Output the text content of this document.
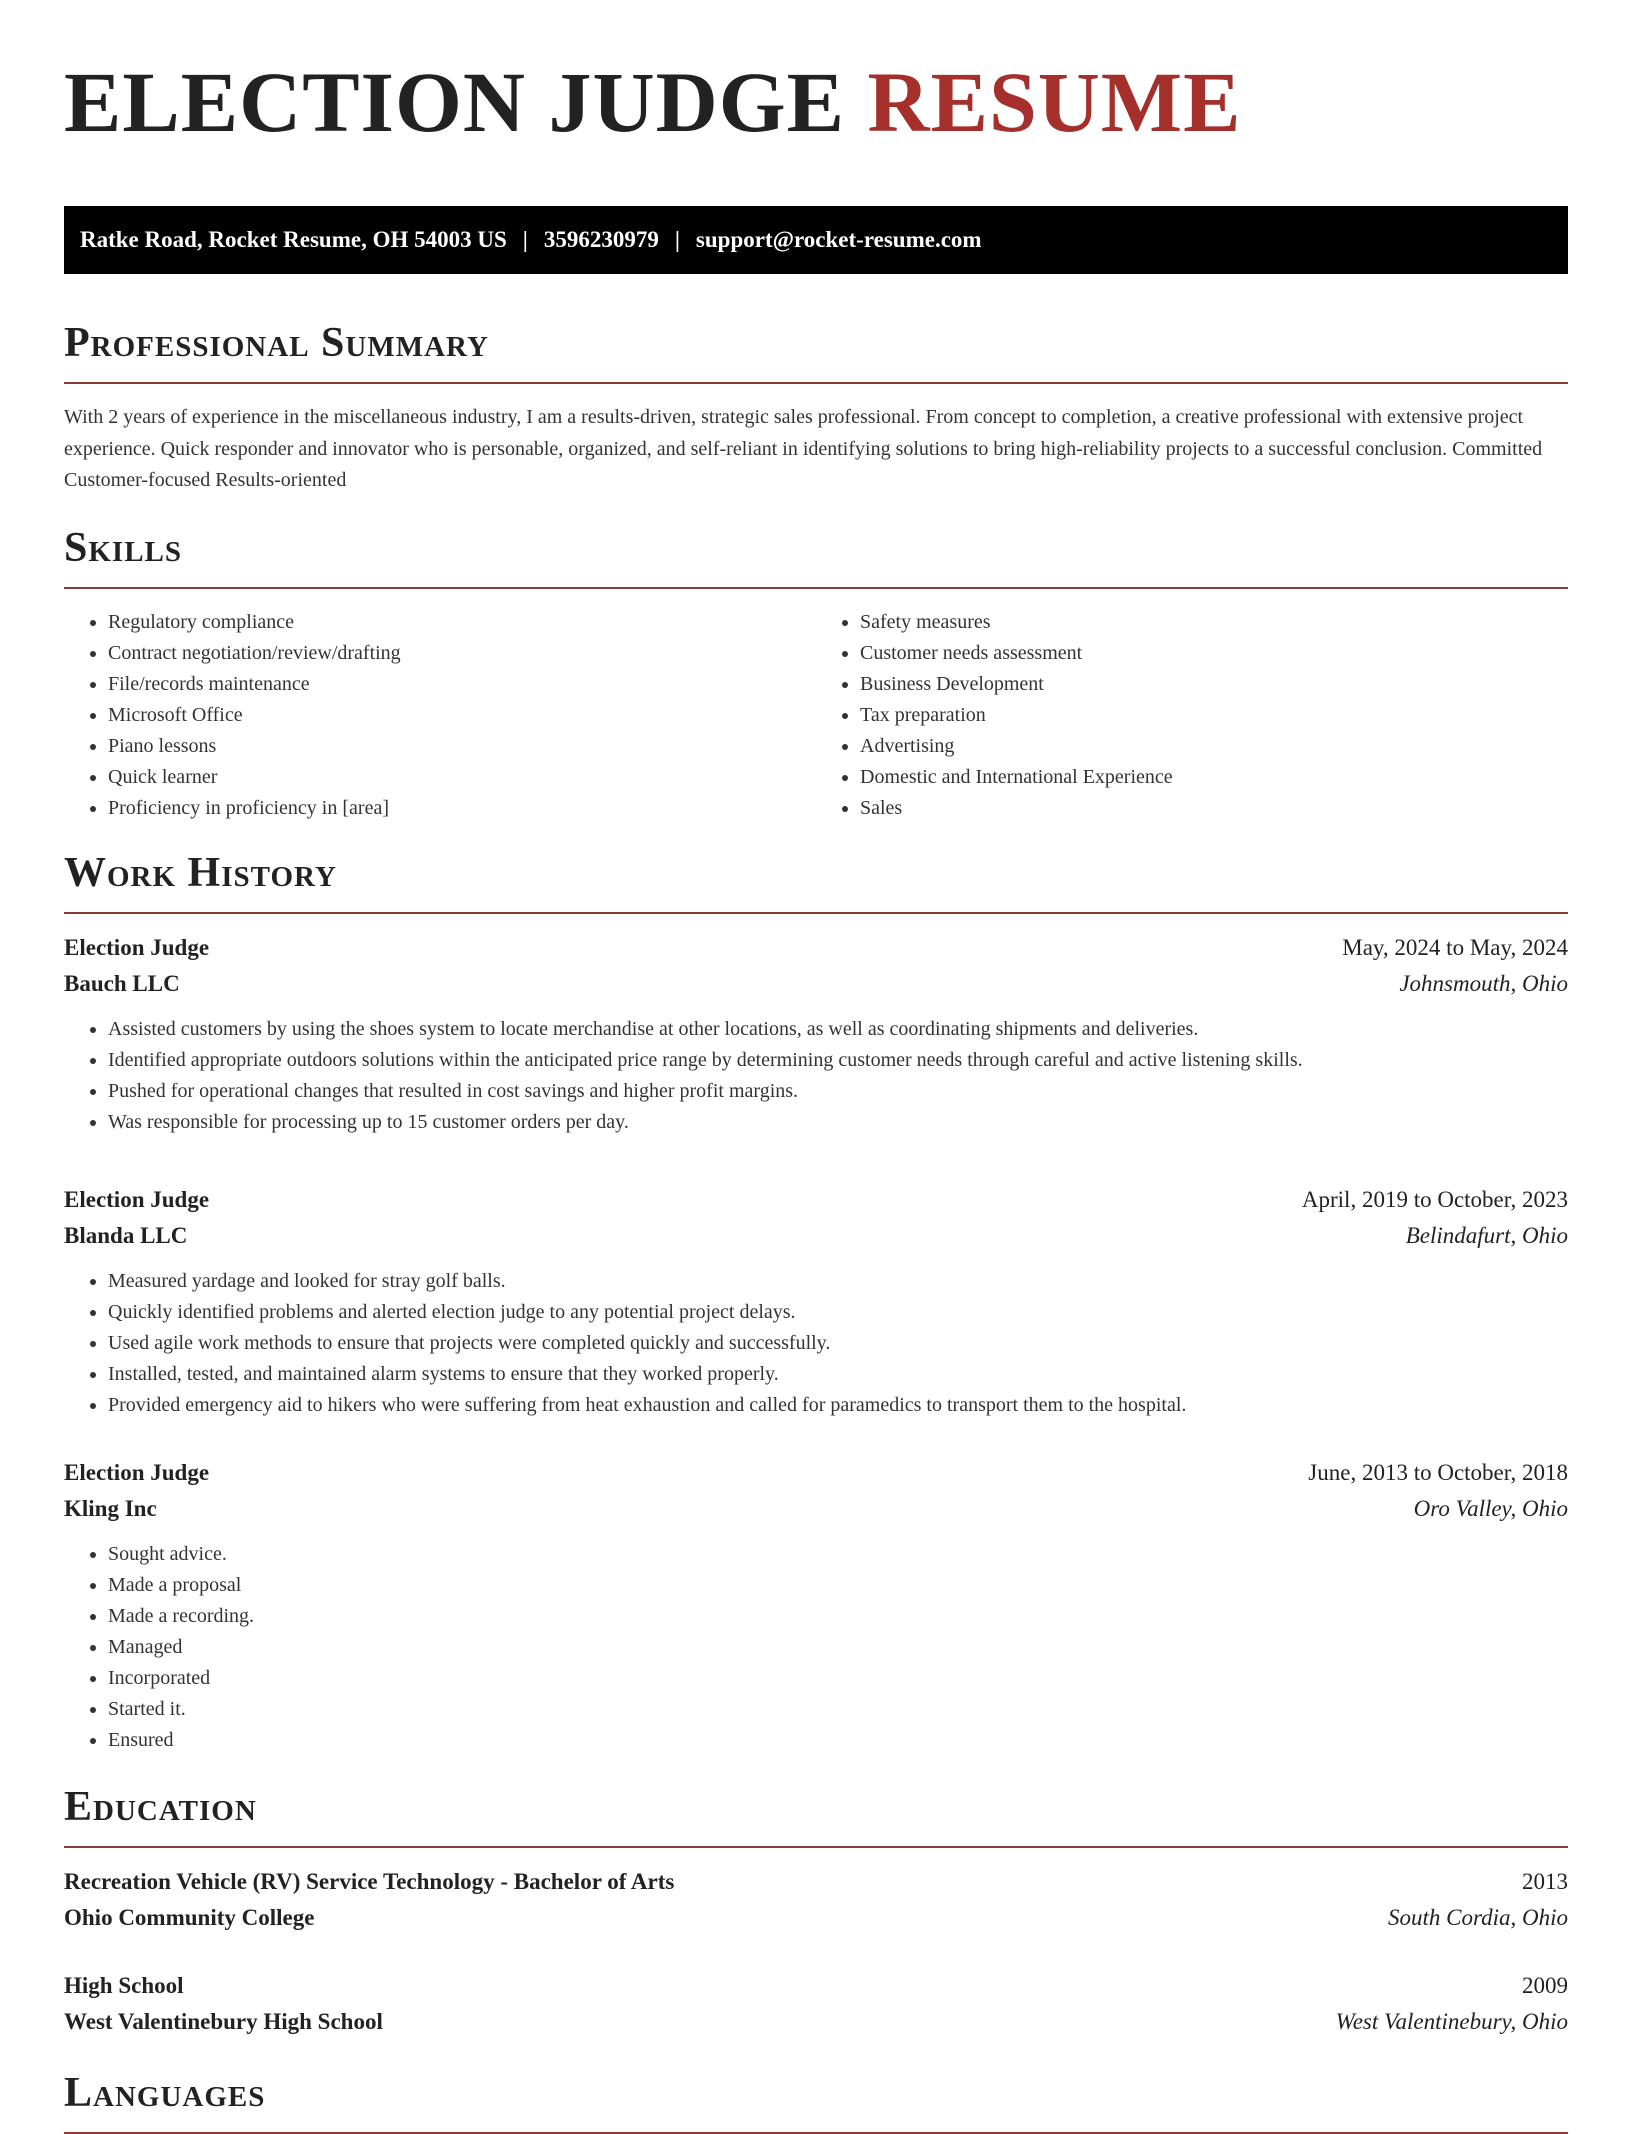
ELECTION JUDGE RESUME
Ratke Road, Rocket Resume, OH 54003 US | 3596230979 | support@rocket-resume.com
Professional Summary

With 2 years of experience in the miscellaneous industry, I am a results-driven, strategic sales professional. From concept to completion, a creative professional with extensive project experience. Quick responder and innovator who is personable, organized, and self-reliant in identifying solutions to bring high-reliability projects to a successful conclusion. Committed Customer-focused Results-oriented

Skills
• Regulatory compliance
• Contract negotiation/review/drafting
• File/records maintenance
• Microsoft Office
• Piano lessons
• Quick learner
• Proficiency in proficiency in [area]
• Safety measures
• Customer needs assessment
• Business Development
• Tax preparation
• Advertising
• Domestic and International Experience
• Sales
Work History
Election Judge	May, 2024 to May, 2024
Bauch LLC	Johnsmouth, Ohio
• Assisted customers by using the shoes system to locate merchandise at other locations, as well as coordinating shipments and deliveries.
• Identified appropriate outdoors solutions within the anticipated price range by determining customer needs through careful and active listening skills.
• Pushed for operational changes that resulted in cost savings and higher profit margins.
• Was responsible for processing up to 15 customer orders per day.
Election Judge	April, 2019 to October, 2023
Blanda LLC	Belindafurt, Ohio
• Measured yardage and looked for stray golf balls.
• Quickly identified problems and alerted election judge to any potential project delays.
• Used agile work methods to ensure that projects were completed quickly and successfully.
• Installed, tested, and maintained alarm systems to ensure that they worked properly.
• Provided emergency aid to hikers who were suffering from heat exhaustion and called for paramedics to transport them to the hospital.
Election Judge	June, 2013 to October, 2018
Kling Inc	Oro Valley, Ohio
• Sought advice.
• Made a proposal
• Made a recording.
• Managed
• Incorporated
• Started it.
• Ensured
Education
Recreation Vehicle (RV) Service Technology - Bachelor of Arts	2013
Ohio Community College	South Cordia, Ohio
High School	2009
West Valentinebury High School	West Valentinebury, Ohio
Languages
